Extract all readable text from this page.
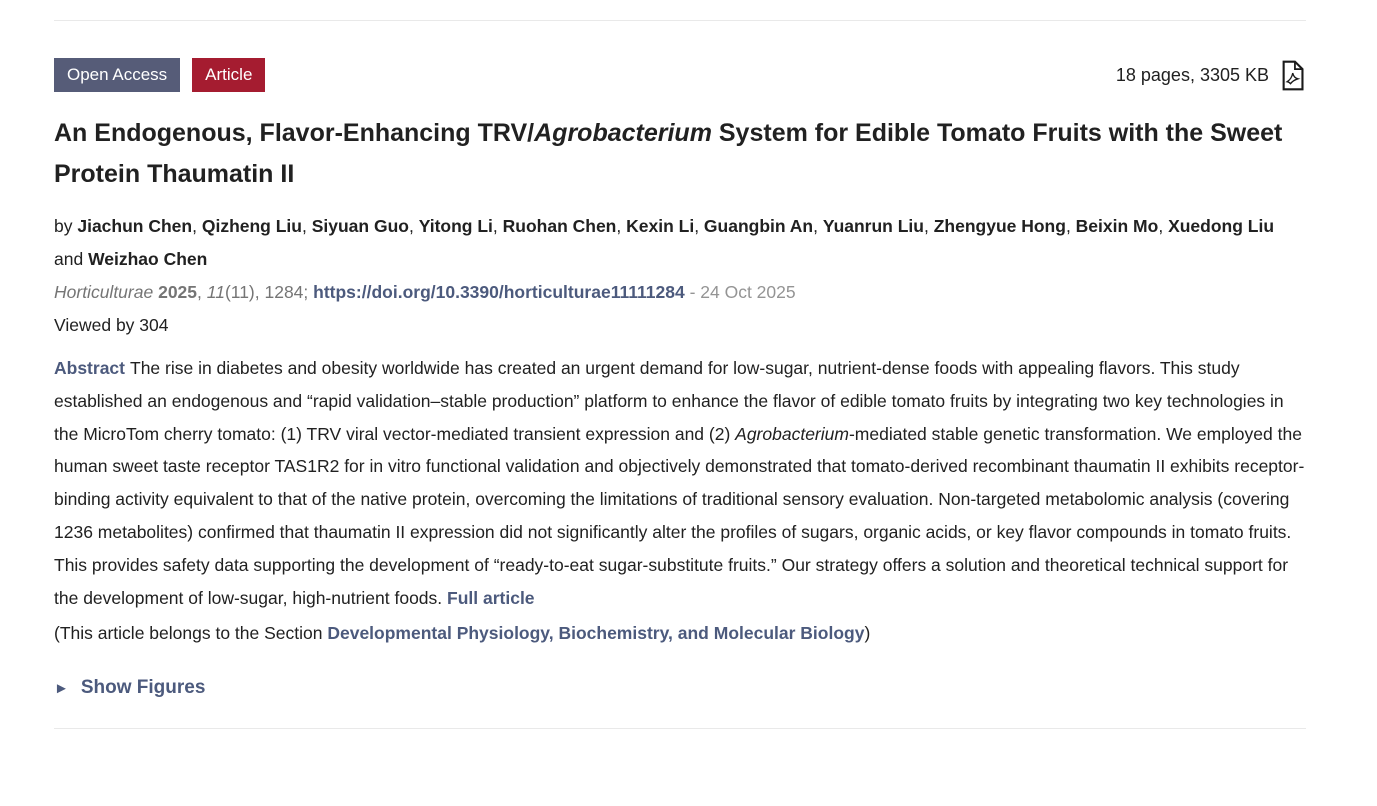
Open Access	Article	18 pages, 3305 KB
An Endogenous, Flavor-Enhancing TRV/Agrobacterium System for Edible Tomato Fruits with the Sweet Protein Thaumatin II
by Jiachun Chen, Qizheng Liu, Siyuan Guo, Yitong Li, Ruohan Chen, Kexin Li, Guangbin An, Yuanrun Liu, Zhengyue Hong, Beixin Mo, Xuedong Liu and Weizhao Chen
Horticulturae 2025, 11(11), 1284; https://doi.org/10.3390/horticulturae11111284 - 24 Oct 2025
Viewed by 304

Abstract The rise in diabetes and obesity worldwide has created an urgent demand for low-sugar, nutrient-dense foods with appealing flavors. This study established an endogenous and “rapid validation–stable production” platform to enhance the flavor of edible tomato fruits by integrating two key technologies in the MicroTom cherry tomato: (1) TRV viral vector-mediated transient expression and (2) Agrobacterium-mediated stable genetic transformation. We employed the human sweet taste receptor TAS1R2 for in vitro functional validation and objectively demonstrated that tomato-derived recombinant thaumatin II exhibits receptor-binding activity equivalent to that of the native protein, overcoming the limitations of traditional sensory evaluation. Non-targeted metabolomic analysis (covering 1236 metabolites) confirmed that thaumatin II expression did not significantly alter the profiles of sugars, organic acids, or key flavor compounds in tomato fruits. This provides safety data supporting the development of “ready-to-eat sugar-substitute fruits.” Our strategy offers a solution and theoretical technical support for the development of low-sugar, high-nutrient foods. Full article

(This article belongs to the Section Developmental Physiology, Biochemistry, and Molecular Biology)
► Show Figures
